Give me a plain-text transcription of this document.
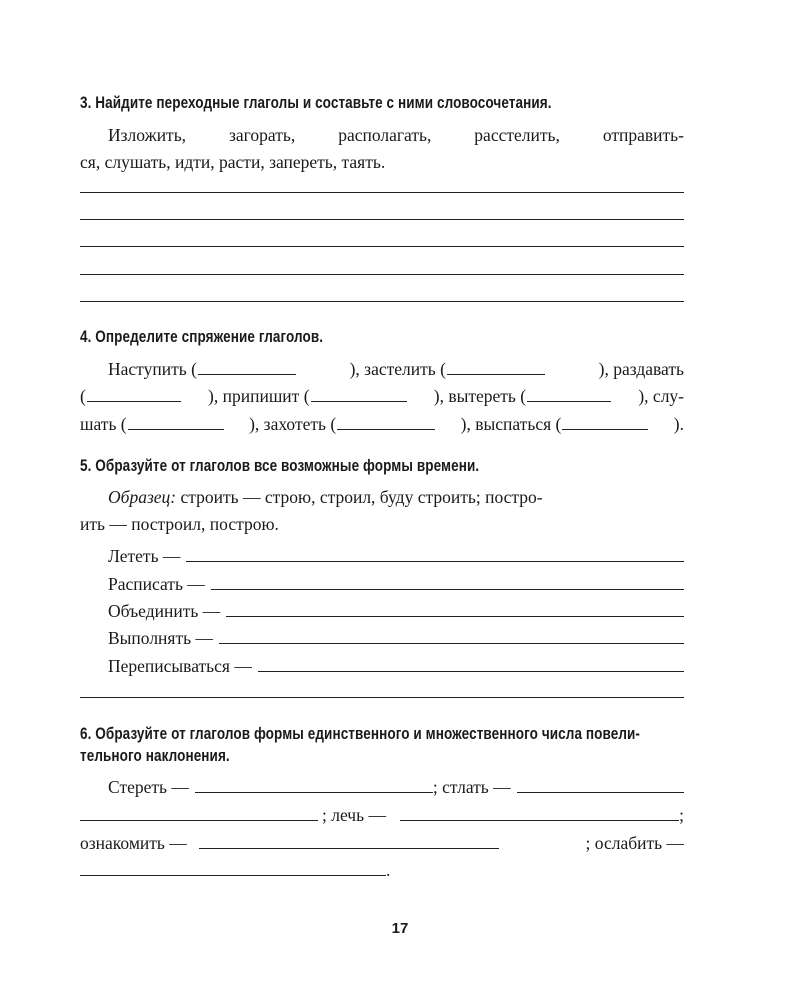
3. Найдите переходные глаголы и составьте с ними словосочетания.
Изложить, загорать, располагать, расстелить, отправить-
ся, слушать, идти, расти, запереть, таять.
4. Определите спряжение глаголов.
Наступить (	), застелить (	), раздавать
(	), припишит (	), вытереть (	), слу-
шать (	), захотеть (	), выспаться (	).
5. Образуйте от глаголов все возможные формы времени.
Образец: строить — строю, строил, буду строить; постро-
ить — построил, построю.
Лететь —
Расписать —
Объединить —
Выполнять —
Переписываться —
6. Образуйте от глаголов формы единственного и множественного числа повели-
тельного наклонения.
Стереть —	; стлать —
; лечь —	;
ознакомить —	; ослабить —
.
17
